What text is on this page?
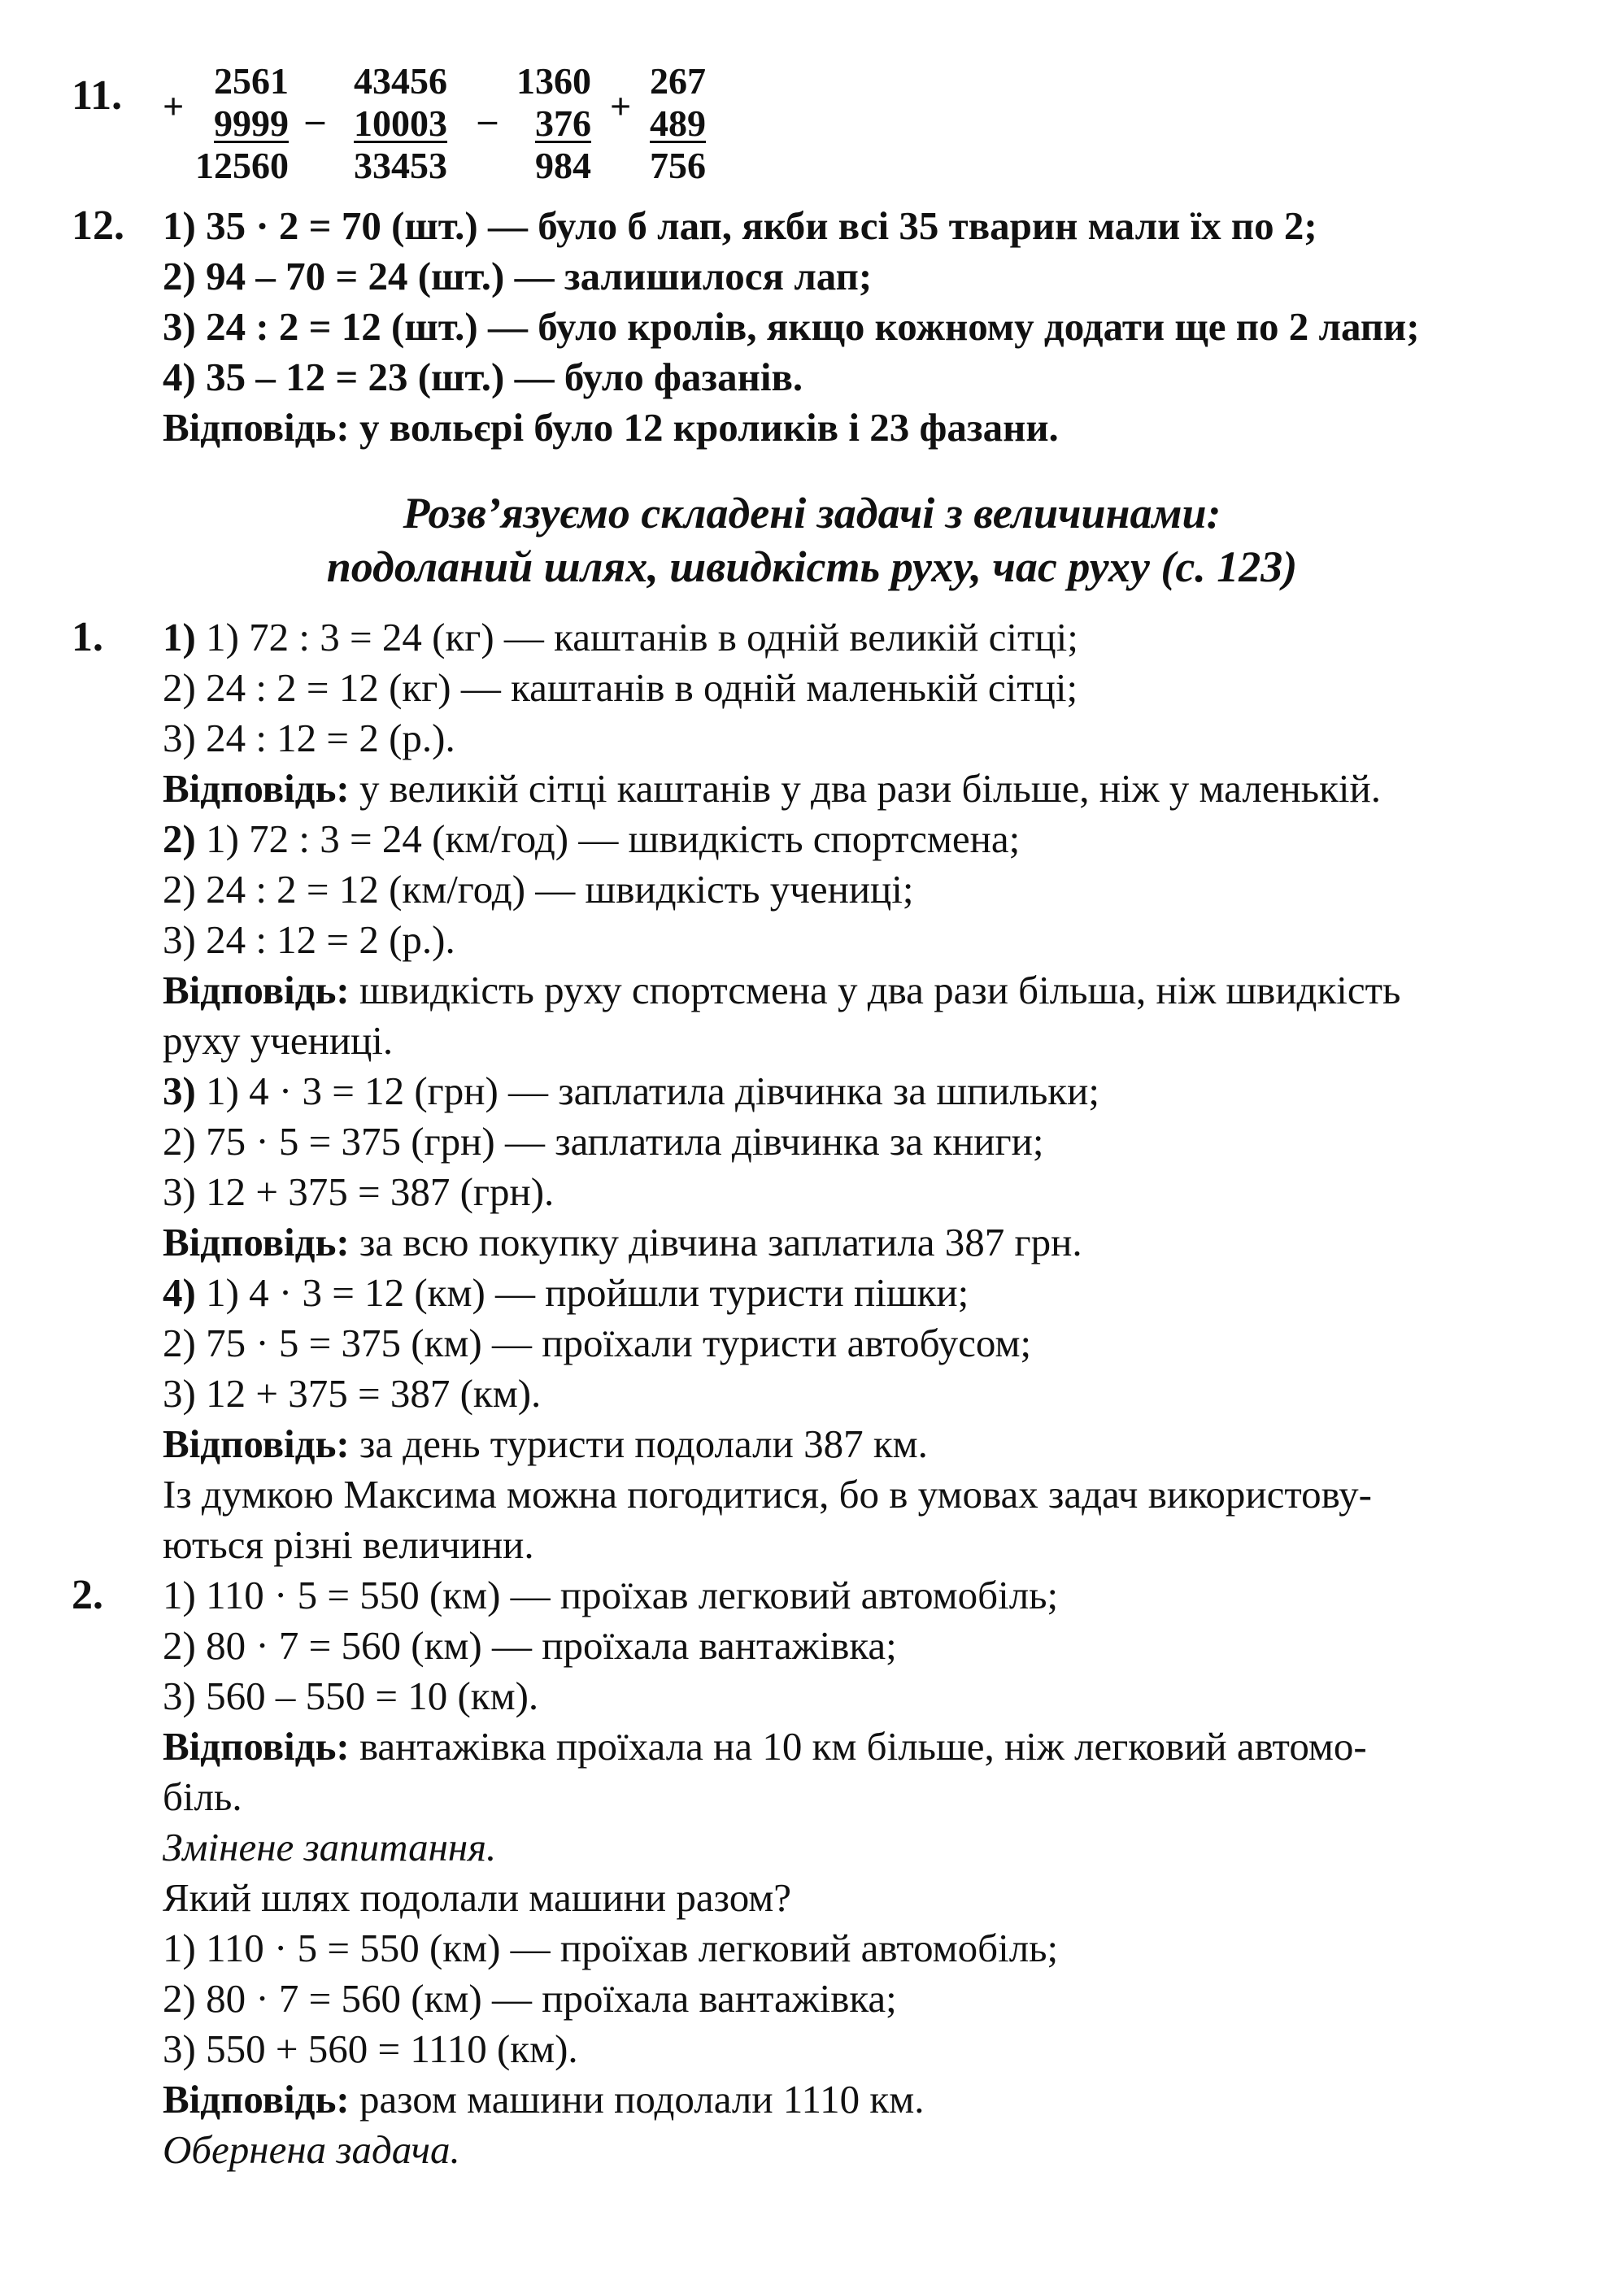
11. +
2561
9999
12560
–
43456
10003
33453
–
1360
376
984
+
267
489
756
12. 1) 35 · 2 = 70 (шт.) — було б лап, якби всі 35 тварин мали їх по 2;
2) 94 – 70 = 24 (шт.) — залишилося лап;
3) 24 : 2 = 12 (шт.) — було кролів, якщо кожному додати ще по 2 лапи;
4) 35 – 12 = 23 (шт.) — було фазанів.
Відповідь: у вольєрі було 12 кроликів і 23 фазани.
Розв’язуємо складені задачі з величинами:
подоланий шлях, швидкість руху, час руху (с. 123)
1. 1) 1) 72 : 3 = 24 (кг) — каштанів в одній великій сітці;
2) 24 : 2 = 12 (кг) — каштанів в одній маленькій сітці;
3) 24 : 12 = 2 (р.).
Відповідь: у великій сітці каштанів у два рази більше, ніж у маленькій.
2) 1) 72 : 3 = 24 (км/год) — швидкість спортсмена;
2) 24 : 2 = 12 (км/год) — швидкість учениці;
3) 24 : 12 = 2 (р.).
Відповідь: швидкість руху спортсмена у два рази більша, ніж швидкість
руху учениці.
3) 1) 4 · 3 = 12 (грн) — заплатила дівчинка за шпильки;
2) 75 · 5 = 375 (грн) — заплатила дівчинка за книги;
3) 12 + 375 = 387 (грн).
Відповідь: за всю покупку дівчина заплатила 387 грн.
4) 1) 4 · 3 = 12 (км) — пройшли туристи пішки;
2) 75 · 5 = 375 (км) — проїхали туристи автобусом;
3) 12 + 375 = 387 (км).
Відповідь: за день туристи подолали 387 км.
Із думкою Максима можна погодитися, бо в умовах задач використову-
ються різні величини.
2. 1) 110 · 5 = 550 (км) — проїхав легковий автомобіль;
2) 80 · 7 = 560 (км) — проїхала вантажівка;
3) 560 – 550 = 10 (км).
Відповідь: вантажівка проїхала на 10 км більше, ніж легковий автомо-
біль.
Змінене запитання.
Який шлях подолали машини разом?
1) 110 · 5 = 550 (км) — проїхав легковий автомобіль;
2) 80 · 7 = 560 (км) — проїхала вантажівка;
3) 550 + 560 = 1110 (км).
Відповідь: разом машини подолали 1110 км.
Обернена задача.
